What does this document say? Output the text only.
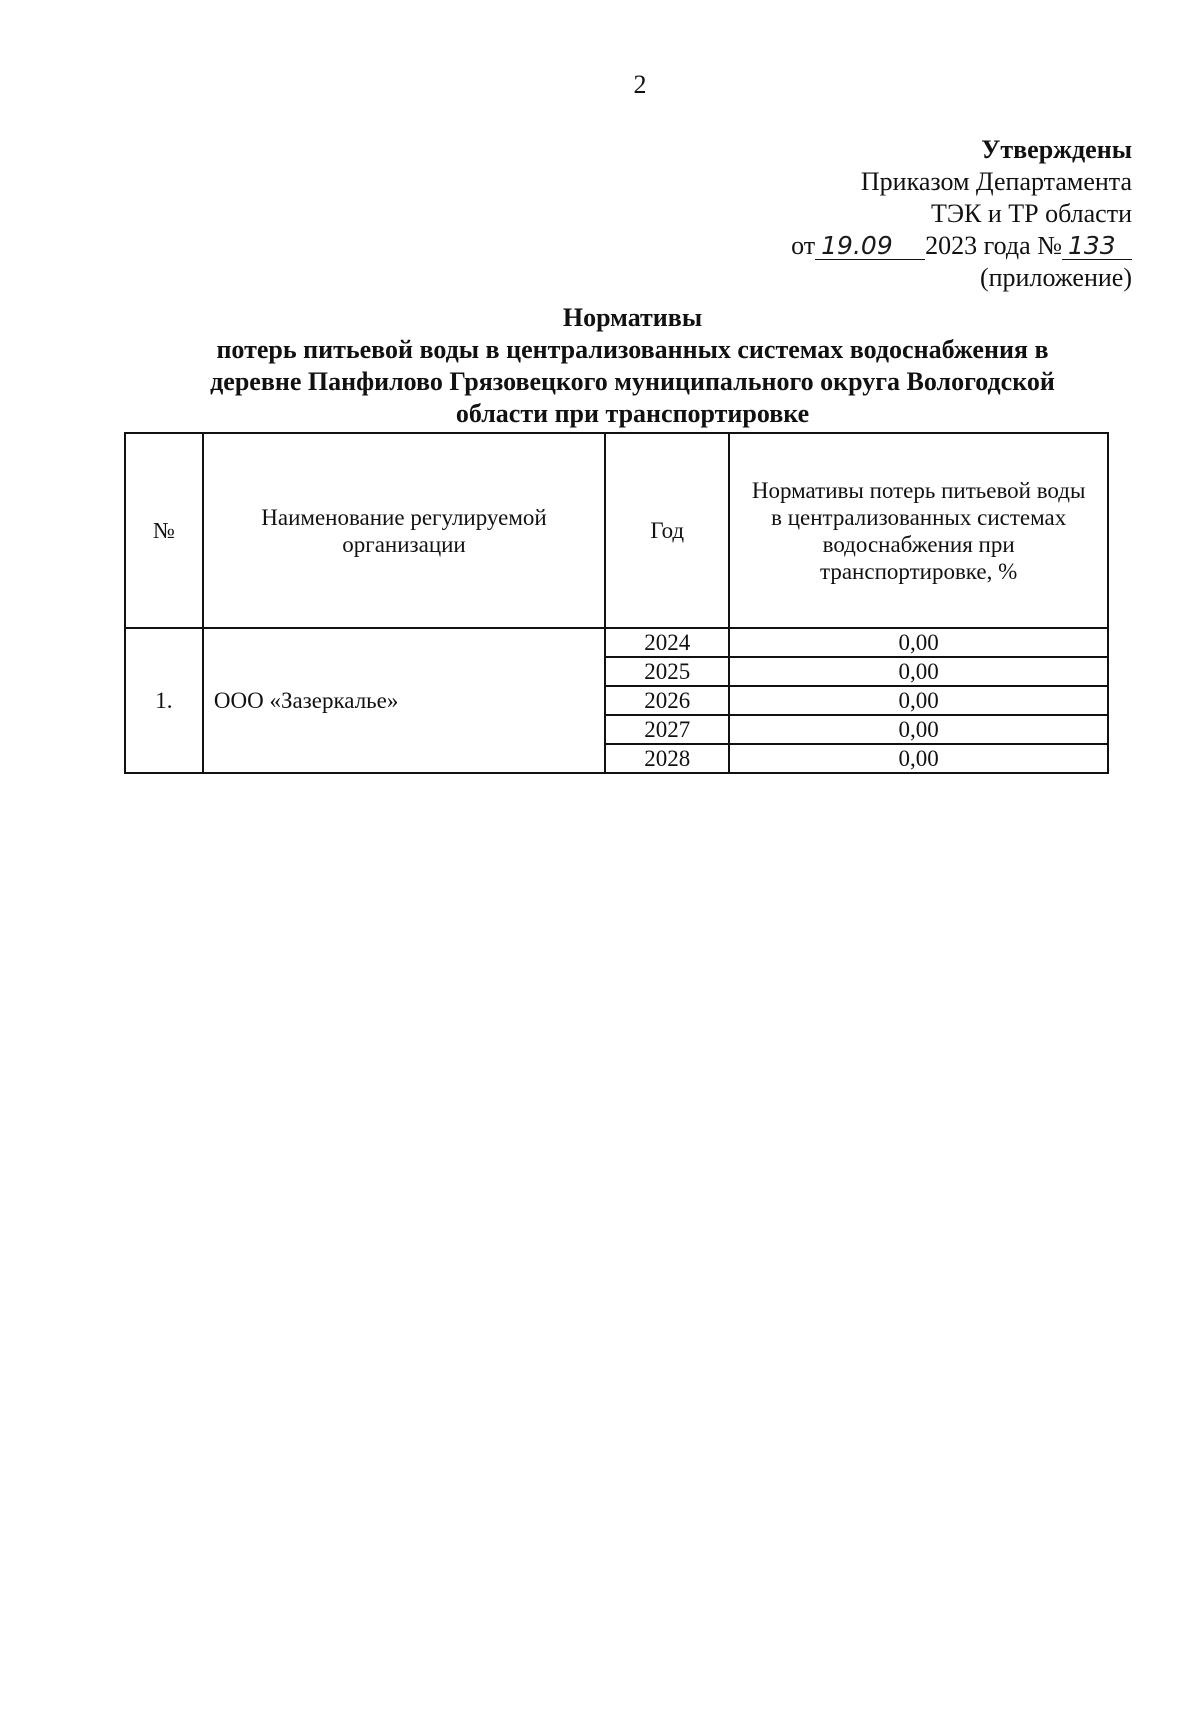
2
Утверждены
Приказом Департамента
ТЭК и ТР области
от 19.09 2023 года № 133
(приложение)
Нормативы
потерь питьевой воды в централизованных системах водоснабжения в
деревне Панфилово Грязовецкого муниципального округа Вологодской
области при транспортировке
№	Наименование регулируемой организации	Год	Нормативы потерь питьевой воды в централизованных системах водоснабжения при транспортировке, %
1.	ООО «Зазеркалье»	2024	0,00
		2025	0,00
		2026	0,00
		2027	0,00
		2028	0,00
